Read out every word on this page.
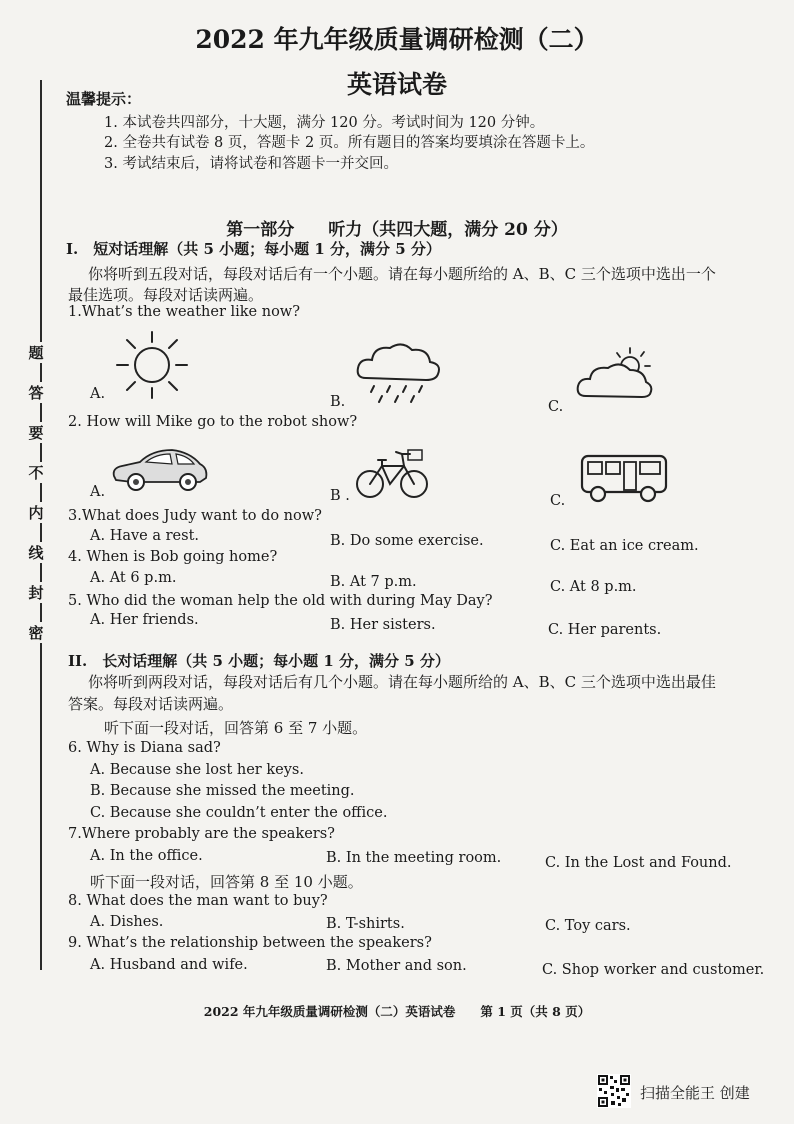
2022 年九年级质量调研检测（二）
英语试卷
温馨提示：
1. 本试卷共四部分，十大题，满分 120 分。考试时间为 120 分钟。
2. 全卷共有试卷 8 页，答题卡 2 页。所有题目的答案均要填涂在答题卡上。
3. 考试结束后，请将试卷和答题卡一并交回。
题
答
要
不
内
线
封
密
第一部分　　听力（共四大题，满分 20 分）
I.　短对话理解（共 5 小题；每小题 1 分，满分 5 分）
你将听到五段对话，每段对话后有一个小题。请在每小题所给的 A、B、C 三个选项中选出一个
最佳选项。每段对话读两遍。
1.What’s the weather like now?
A.	B.	C.
2. How will Mike go to the robot show?
A.	B .	C.
3.What does Judy want to do now?
A. Have a rest.	B. Do some exercise.	C. Eat an ice cream.
4. When is Bob going home?
A. At 6 p.m.	B. At 7 p.m.	C. At 8 p.m.
5. Who did the woman help the old with during May Day?
A. Her friends.	B. Her sisters.	C. Her parents.
II.　长对话理解（共 5 小题；每小题 1 分，满分 5 分）
你将听到两段对话，每段对话后有几个小题。请在每小题所给的 A、B、C 三个选项中选出最佳
答案。每段对话读两遍。
听下面一段对话，回答第 6 至 7 小题。
6. Why is Diana sad?
A. Because she lost her keys.
B. Because she missed the meeting.
C. Because she couldn’t enter the office.
7.Where probably are the speakers?
A. In the office.	B. In the meeting room.	C. In the Lost and Found.
听下面一段对话，回答第 8 至 10 小题。
8. What does the man want to buy?
A. Dishes.	B. T-shirts.	C. Toy cars.
9. What’s the relationship between the speakers?
A. Husband and wife.	B. Mother and son.	C. Shop worker and customer.
2022 年九年级质量调研检测（二）英语试卷　　第 1 页（共 8 页）
扫描全能王 创建
